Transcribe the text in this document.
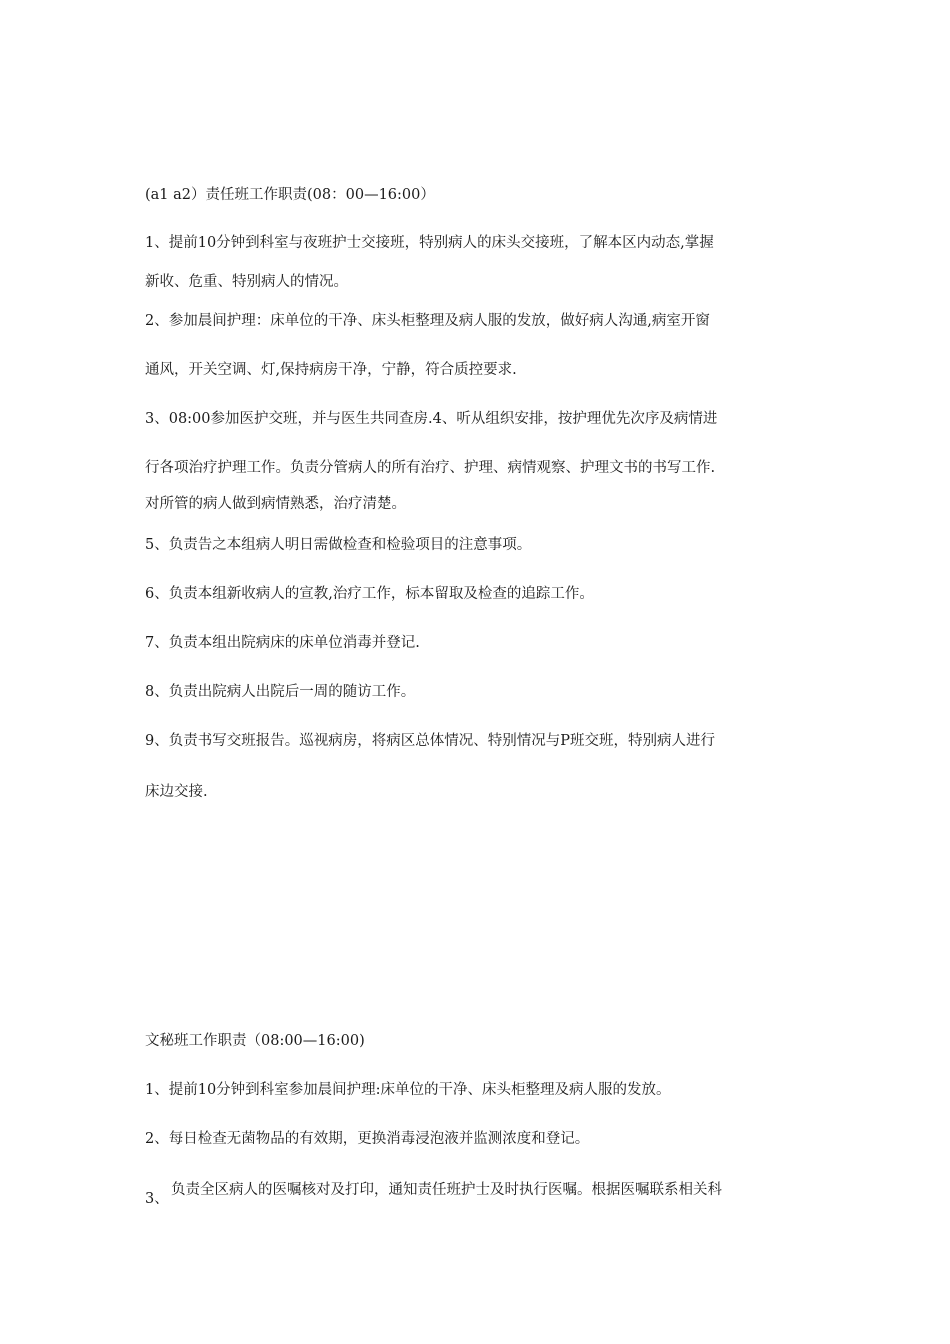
(a1 a2）责任班工作职责(08：00—16:00）
1、提前10分钟到科室与夜班护士交接班，特别病人的床头交接班，了解本区内动态,掌握
新收、危重、特别病人的情况。
2、参加晨间护理：床单位的干净、床头柜整理及病人服的发放，做好病人沟通,病室开窗
通风，开关空调、灯,保持病房干净，宁静，符合质控要求.
3、08:00参加医护交班，并与医生共同查房.4、听从组织安排，按护理优先次序及病情进
行各项治疗护理工作。负责分管病人的所有治疗、护理、病情观察、护理文书的书写工作.
对所管的病人做到病情熟悉，治疗清楚。
5、负责告之本组病人明日需做检查和检验项目的注意事项。
6、负责本组新收病人的宣教,治疗工作，标本留取及检查的追踪工作。
7、负责本组出院病床的床单位消毒并登记.
8、负责出院病人出院后一周的随访工作。
9、负责书写交班报告。巡视病房，将病区总体情况、特别情况与P班交班，特别病人进行
床边交接.
文秘班工作职责（08:00—16:00)
1、提前10分钟到科室参加晨间护理:床单位的干净、床头柜整理及病人服的发放。
2、每日检查无菌物品的有效期，更换消毒浸泡液并监测浓度和登记。
3、
负责全区病人的医嘱核对及打印，通知责任班护士及时执行医嘱。根据医嘱联系相关科
